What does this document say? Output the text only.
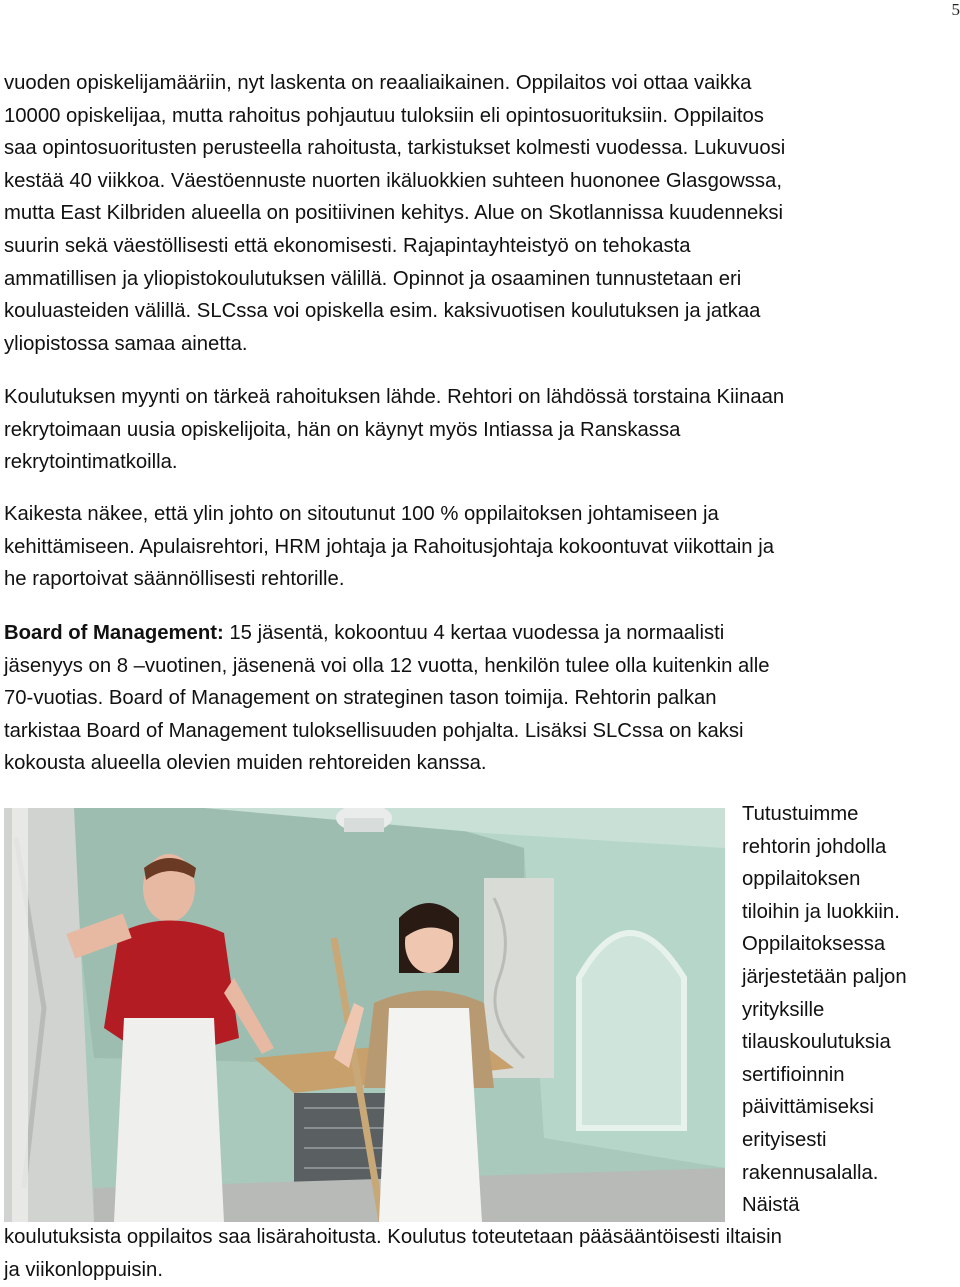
5
vuoden opiskelijamääriin, nyt laskenta on reaaliaikainen. Oppilaitos voi ottaa vaikka
10000 opiskelijaa, mutta rahoitus pohjautuu tuloksiin eli opintosuorituksiin. Oppilaitos
saa opintosuoritusten perusteella rahoitusta, tarkistukset kolmesti vuodessa. Lukuvuosi
kestää 40 viikkoa. Väestöennuste nuorten ikäluokkien suhteen huononee Glasgowssa,
mutta East Kilbriden alueella on positiivinen kehitys. Alue on Skotlannissa kuudenneksi
suurin sekä väestöllisesti että ekonomisesti. Rajapintayhteistyö on tehokasta
ammatillisen ja yliopistokoulutuksen välillä. Opinnot ja osaaminen tunnustetaan eri
kouluasteiden välillä. SLCssa voi opiskella esim. kaksivuotisen koulutuksen ja jatkaa
yliopistossa samaa ainetta.
Koulutuksen myynti on tärkeä rahoituksen lähde. Rehtori on lähdössä torstaina Kiinaan
rekrytoimaan uusia opiskelijoita, hän on käynyt myös Intiassa ja Ranskassa
rekrytointimatkoilla.
Kaikesta näkee, että ylin johto on sitoutunut 100 % oppilaitoksen johtamiseen ja
kehittämiseen. Apulaisrehtori, HRM johtaja ja Rahoitusjohtaja kokoontuvat viikottain ja
he raportoivat säännöllisesti rehtorille.
Board of Management: 15 jäsentä, kokoontuu 4 kertaa vuodessa ja normaalisti
jäsenyys on 8 –vuotinen, jäsenenä voi olla 12 vuotta, henkilön tulee olla kuitenkin alle
70-vuotias. Board of Management on strateginen tason toimija. Rehtorin palkan
tarkistaa Board of Management tuloksellisuuden pohjalta. Lisäksi SLCssa on kaksi
kokousta alueella olevien muiden rehtoreiden kanssa.
Tutustuimme
rehtorin johdolla
oppilaitoksen
tiloihin ja luokkiin.
Oppilaitoksessa
järjestetään paljon
yrityksille
tilauskoulutuksia
sertifioinnin
päivittämiseksi
erityisesti
rakennusalalla.
Näistä
koulutuksista oppilaitos saa lisärahoitusta. Koulutus toteutetaan pääsääntöisesti iltaisin
ja viikonloppuisin.
